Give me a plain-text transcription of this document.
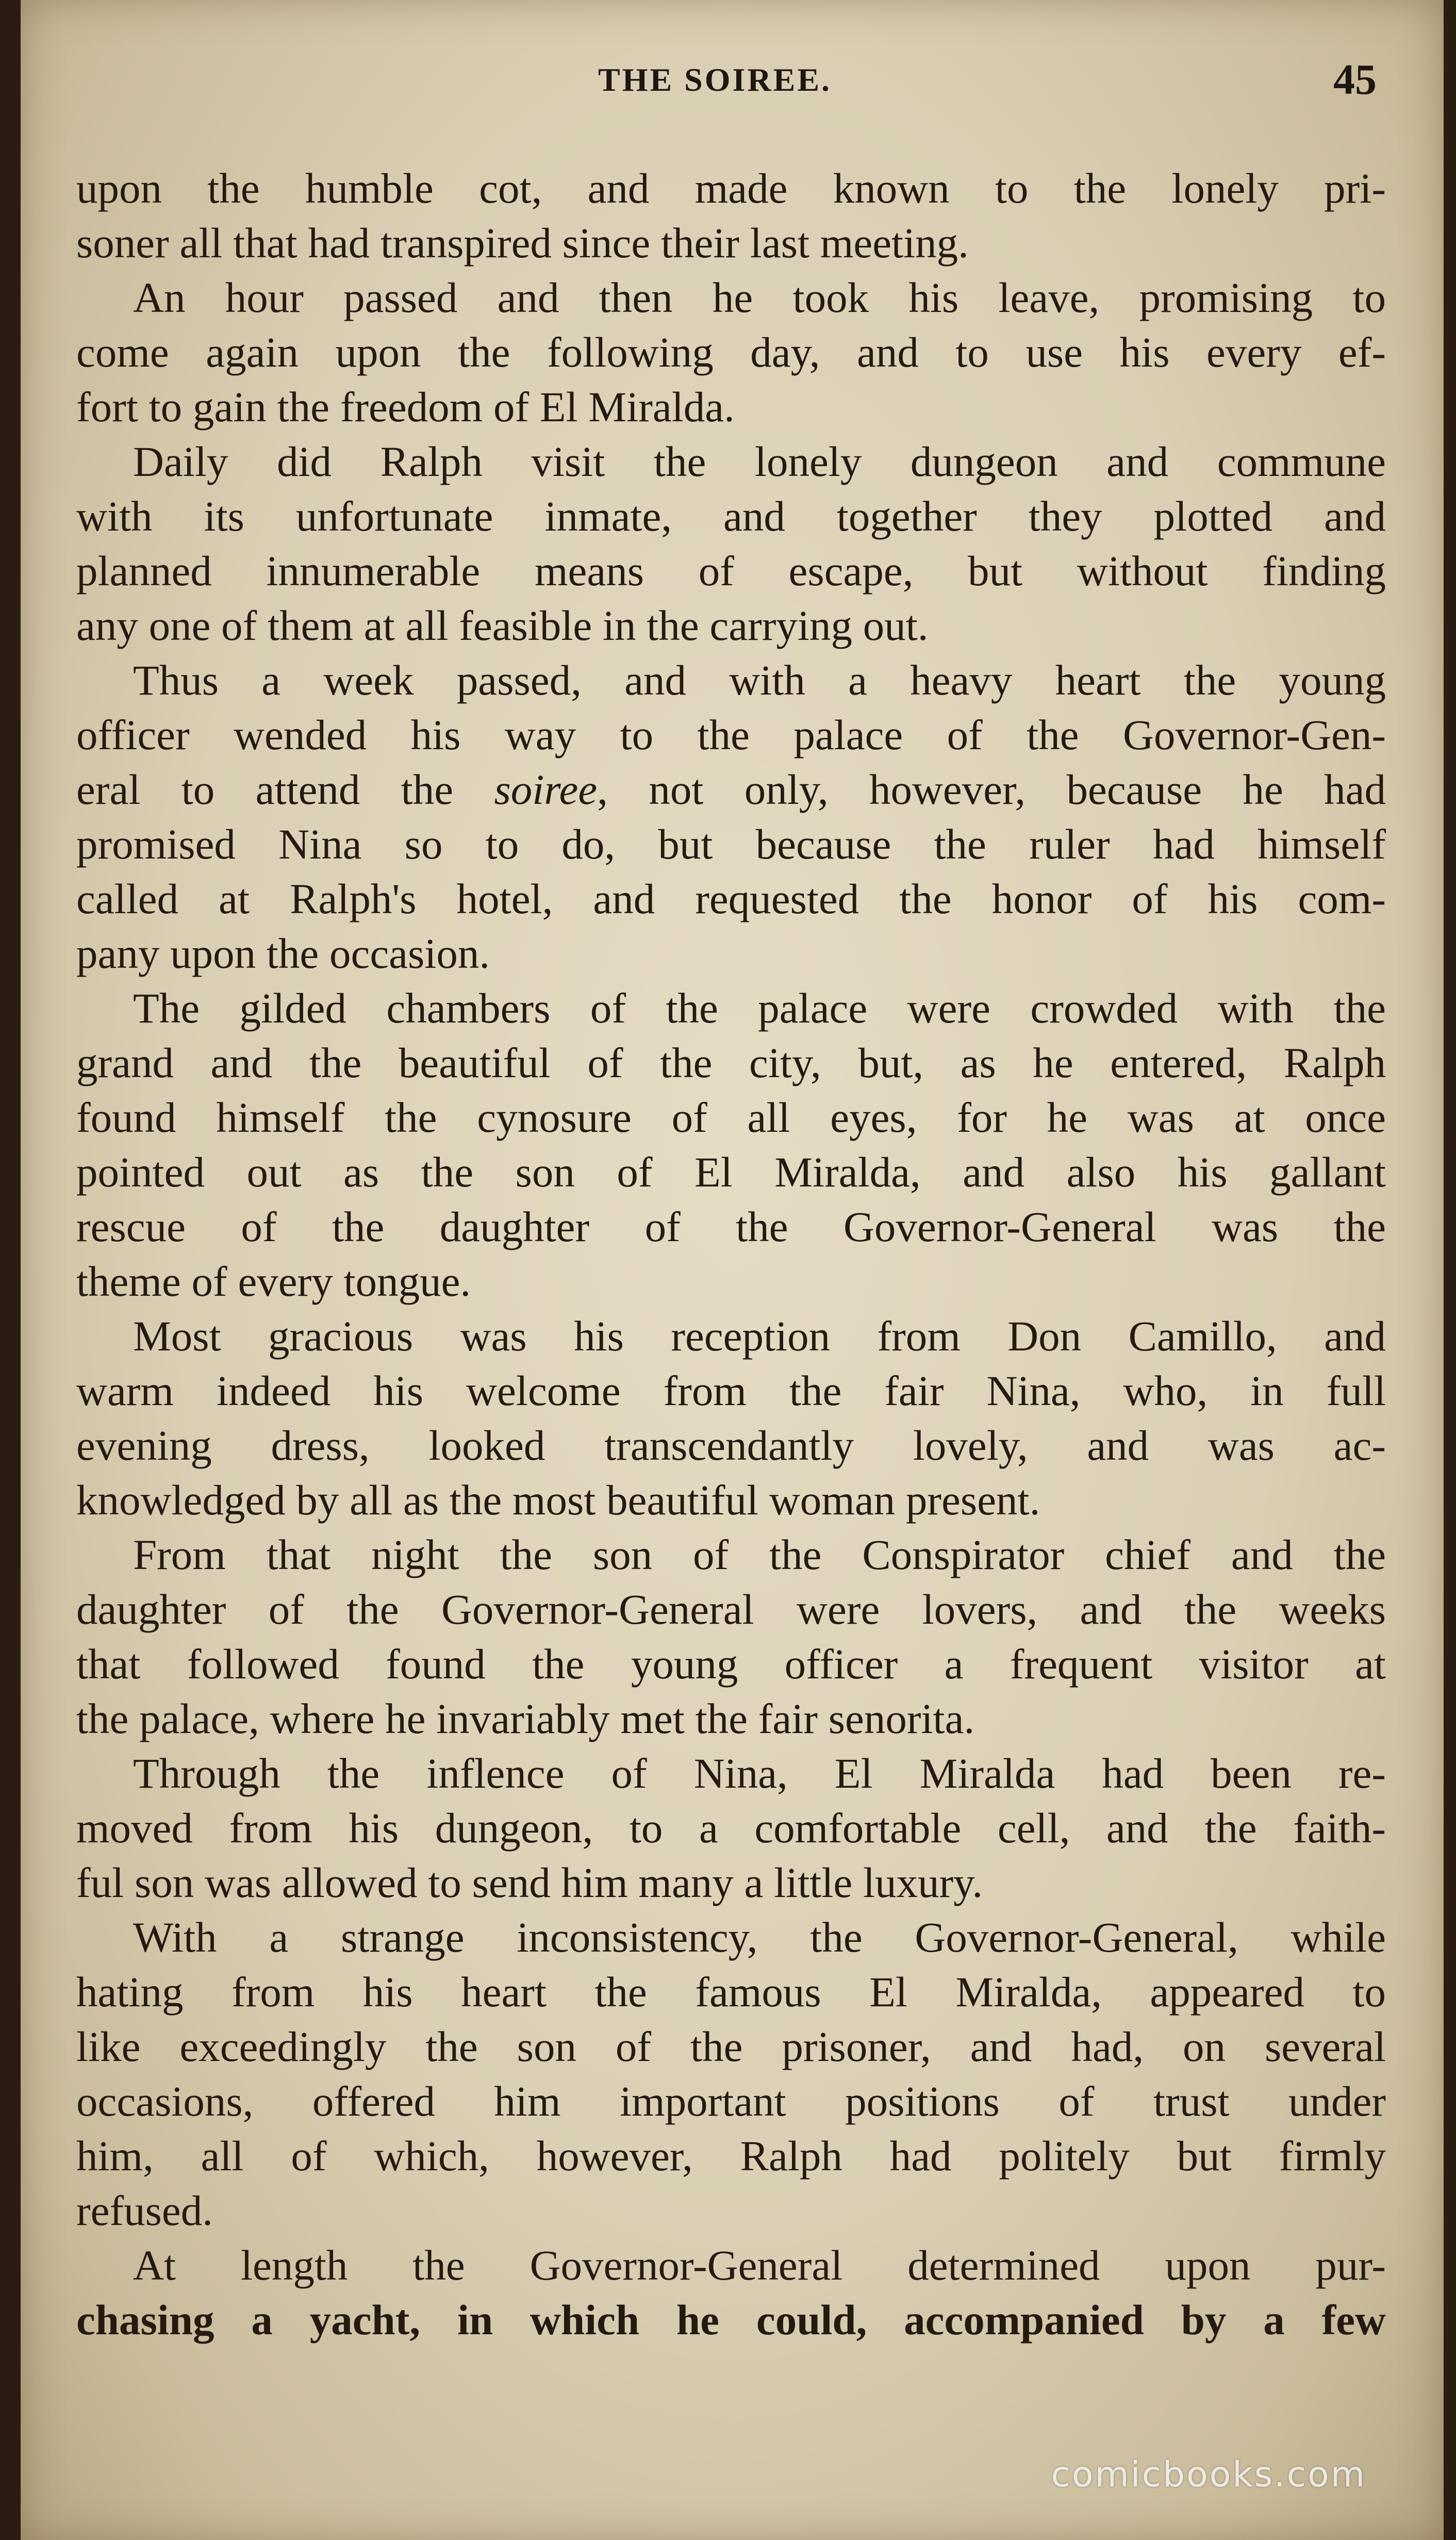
THE SOIREE.	45
upon the humble cot, and made known to the lonely pri-
soner all that had transpired since their last meeting.
An hour passed and then he took his leave, promising to
come again upon the following day, and to use his every ef-
fort to gain the freedom of El Miralda.
Daily did Ralph visit the lonely dungeon and commune
with its unfortunate inmate, and together they plotted and
planned innumerable means of escape, but without finding
any one of them at all feasible in the carrying out.
Thus a week passed, and with a heavy heart the young
officer wended his way to the palace of the Governor-Gen-
eral to attend the soiree, not only, however, because he had
promised Nina so to do, but because the ruler had himself
called at Ralph's hotel, and requested the honor of his com-
pany upon the occasion.
The gilded chambers of the palace were crowded with the
grand and the beautiful of the city, but, as he entered, Ralph
found himself the cynosure of all eyes, for he was at once
pointed out as the son of El Miralda, and also his gallant
rescue of the daughter of the Governor-General was the
theme of every tongue.
Most gracious was his reception from Don Camillo, and
warm indeed his welcome from the fair Nina, who, in full
evening dress, looked transcendantly lovely, and was ac-
knowledged by all as the most beautiful woman present.
From that night the son of the Conspirator chief and the
daughter of the Governor-General were lovers, and the weeks
that followed found the young officer a frequent visitor at
the palace, where he invariably met the fair senorita.
Through the inflence of Nina, El Miralda had been re-
moved from his dungeon, to a comfortable cell, and the faith-
ful son was allowed to send him many a little luxury.
With a strange inconsistency, the Governor-General, while
hating from his heart the famous El Miralda, appeared to
like exceedingly the son of the prisoner, and had, on several
occasions, offered him important positions of trust under
him, all of which, however, Ralph had politely but firmly
refused.
At length the Governor-General determined upon pur-
chasing a yacht, in which he could, accompanied by a few
comicbooks.com
